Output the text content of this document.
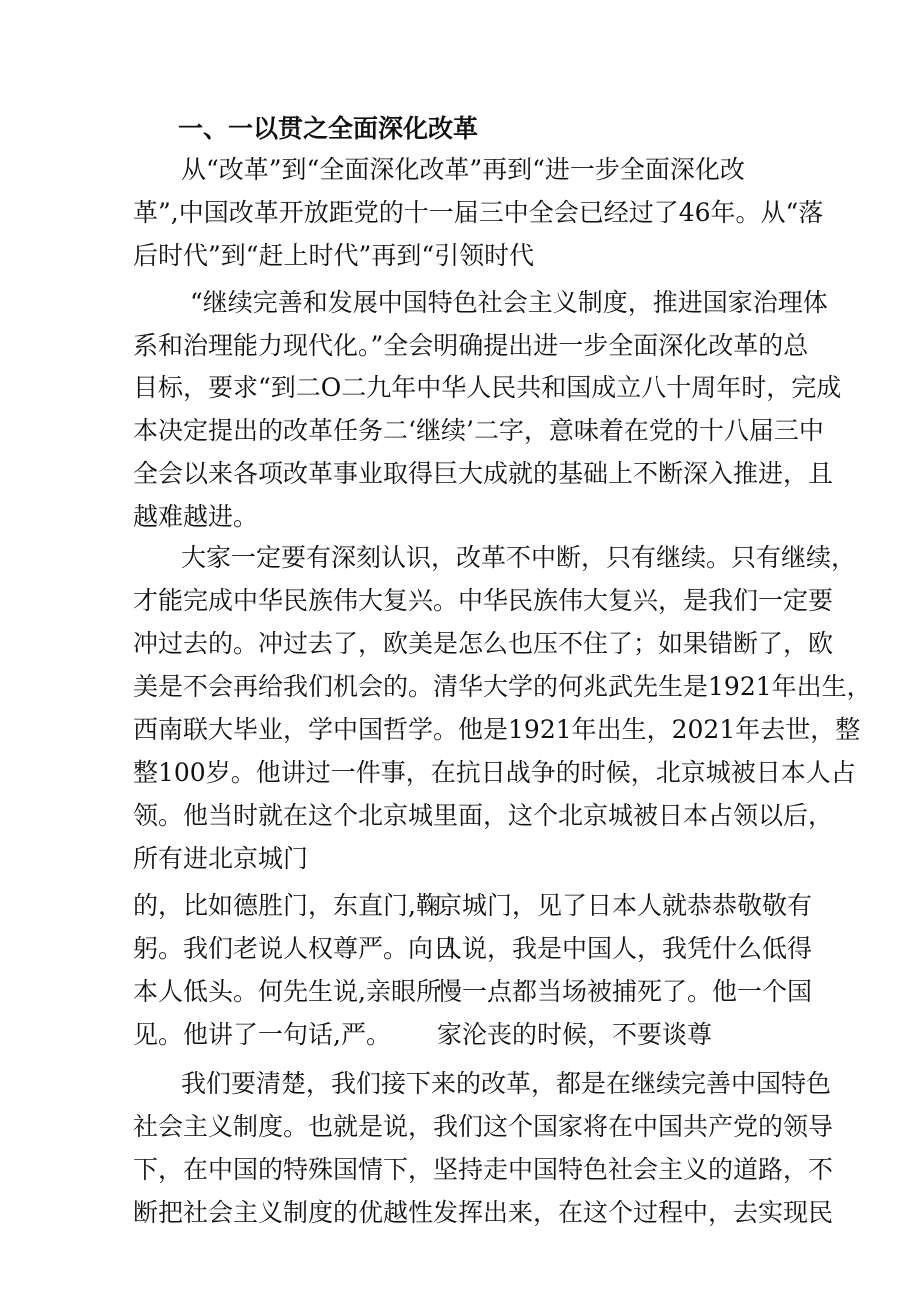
一、一以贯之全面深化改革

从“改革”到“全面深化改革”再到“进一步全面深化改

革”,中国改革开放距党的十一届三中全会已经过了46年。从“落

后时代”到“赶上时代”再到“引领时代

“继续完善和发展中国特色社会主义制度，推进国家治理体

系和治理能力现代化。”全会明确提出进一步全面深化改革的总

目标，要求“到二O二九年中华人民共和国成立八十周年时，完成

本决定提出的改革任务二‘继续’二字，意味着在党的十八届三中

全会以来各项改革事业取得巨大成就的基础上不断深入推进，且

越难越进。

大家一定要有深刻认识，改革不中断，只有继续。只有继续，

才能完成中华民族伟大复兴。中华民族伟大复兴，是我们一定要

冲过去的。冲过去了，欧美是怎么也压不住了；如果错断了，欧

美是不会再给我们机会的。清华大学的何兆武先生是1921年出生，

西南联大毕业，学中国哲学。他是1921年出生，2021年去世，整

整100岁。他讲过一件事，在抗日战争的时候，北京城被日本人占

领。他当时就在这个北京城里面，这个北京城被日本占领以后，

所有进北京城门

的，比如德胜门，东直门,鞠

躬。我们老说人权尊严。向日

本人低头。何先生说,亲眼所

见。他讲了一句话,严。

京城门，见了日本人就恭恭敬敬有

人说，我是中国人，我凭什么低得

慢一点都当场被捕死了。他一个国

家沦丧的时候，不要谈尊

我们要清楚，我们接下来的改革，都是在继续完善中国特色

社会主义制度。也就是说，我们这个国家将在中国共产党的领导

下，在中国的特殊国情下，坚持走中国特色社会主义的道路，不

断把社会主义制度的优越性发挥出来，在这个过程中，去实现民
